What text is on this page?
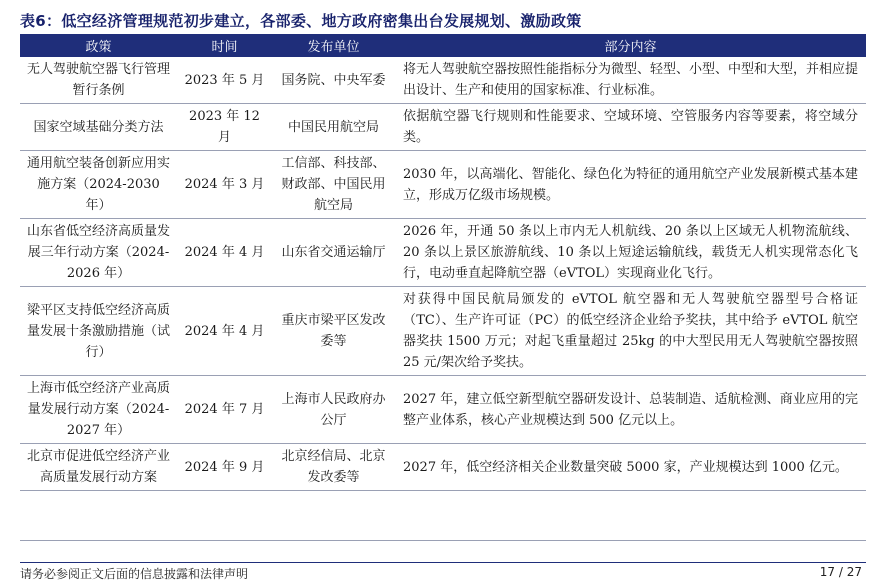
表6：低空经济管理规范初步建立，各部委、地方政府密集出台发展规划、激励政策
政策	时间	发布单位	部分内容
无人驾驶航空器飞行管理暂行条例	2023 年 5 月	国务院、中央军委	将无人驾驶航空器按照性能指标分为微型、轻型、小型、中型和大型，并相应提出设计、生产和使用的国家标准、行业标准。
国家空域基础分类方法	2023 年 12 月	中国民用航空局	依据航空器飞行规则和性能要求、空域环境、空管服务内容等要素，将空域分类。
通用航空装备创新应用实施方案（2024-2030 年）	2024 年 3 月	工信部、科技部、财政部、中国民用航空局	2030 年，以高端化、智能化、绿色化为特征的通用航空产业发展新模式基本建立，形成万亿级市场规模。
山东省低空经济高质量发展三年行动方案（2024-2026 年）	2024 年 4 月	山东省交通运输厅	2026 年，开通 50 条以上市内无人机航线、20 条以上区域无人机物流航线、20 条以上景区旅游航线、10 条以上短途运输航线，载货无人机实现常态化飞行，电动垂直起降航空器（eVTOL）实现商业化飞行。
梁平区支持低空经济高质量发展十条激励措施（试行）	2024 年 4 月	重庆市梁平区发改委等	对获得中国民航局颁发的 eVTOL 航空器和无人驾驶航空器型号合格证（TC）、生产许可证（PC）的低空经济企业给予奖扶，其中给予 eVTOL 航空器奖扶 1500 万元；对起飞重量超过 25kg 的中大型民用无人驾驶航空器按照 25 元/架次给予奖扶。
上海市低空经济产业高质量发展行动方案（2024-2027 年）	2024 年 7 月	上海市人民政府办公厅	2027 年，建立低空新型航空器研发设计、总装制造、适航检测、商业应用的完整产业体系，核心产业规模达到 500 亿元以上。
北京市促进低空经济产业高质量发展行动方案	2024 年 9 月	北京经信局、北京发改委等	2027 年，低空经济相关企业数量突破 5000 家，产业规模达到 1000 亿元。
请务必参阅正文后面的信息披露和法律声明	17 / 27
